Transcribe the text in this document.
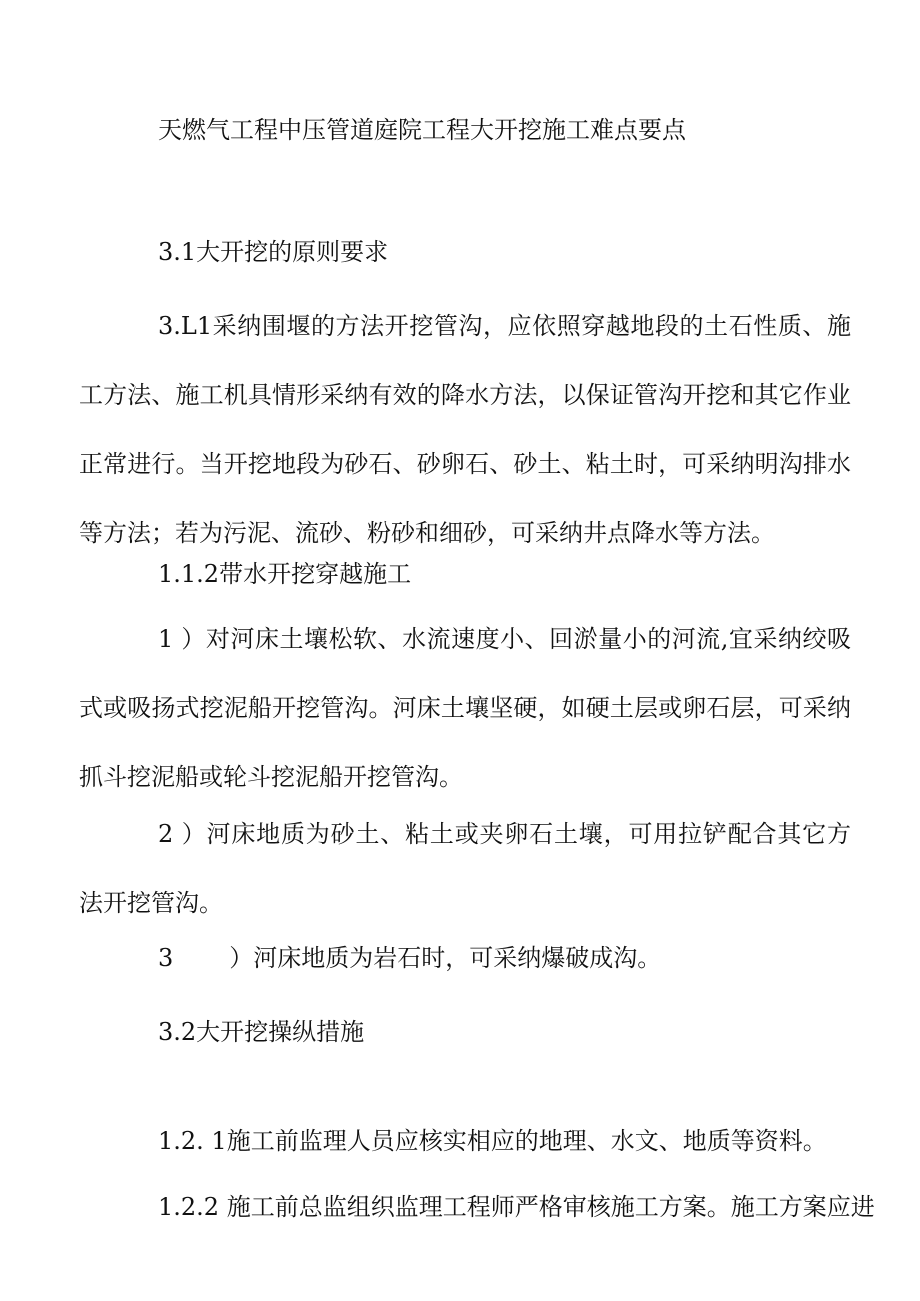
天燃气工程中压管道庭院工程大开挖施工难点要点
3.1大开挖的原则要求

3.L1采纳围堰的方法开挖管沟，应依照穿越地段的土石性质、施工方法、施工机具情形采纳有效的降水方法，以保证管沟开挖和其它作业正常进行。当开挖地段为砂石、砂卵石、砂土、粘土时，可采纳明沟排水等方法；若为污泥、流砂、粉砂和细砂，可采纳井点降水等方法。

1.1.2带水开挖穿越施工

1 ）对河床土壤松软、水流速度小、回淤量小的河流,宜采纳绞吸式或吸扬式挖泥船开挖管沟。河床土壤坚硬，如硬土层或卵石层，可采纳抓斗挖泥船或轮斗挖泥船开挖管沟。

2 ）河床地质为砂土、粘土或夹卵石土壤，可用拉铲配合其它方法开挖管沟。

3 ）河床地质为岩石时，可采纳爆破成沟。
3.2大开挖操纵措施
1.2. 1施工前监理人员应核实相应的地理、水文、地质等资料。
1.2.2 施工前总监组织监理工程师严格审核施工方案。施工方案应进
